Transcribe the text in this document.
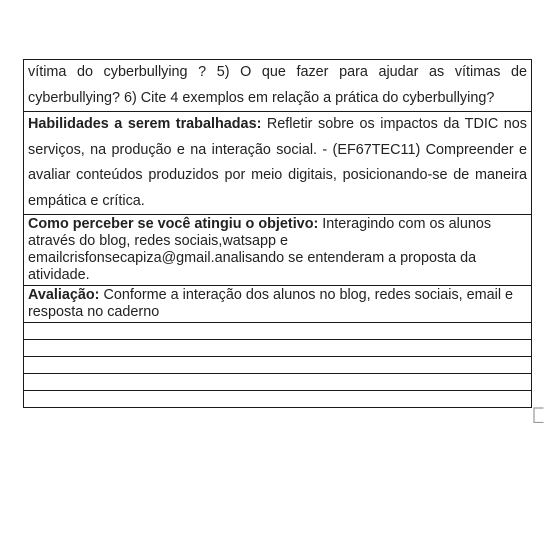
vítima do cyberbullying ? 5) O que fazer para ajudar as vítimas de cyberbullying? 6) Cite 4 exemplos em relação a prática do cyberbullying?
Habilidades a serem trabalhadas: Refletir sobre os impactos da TDIC nos serviços, na produção e na interação social. - (EF67TEC11) Compreender e avaliar conteúdos produzidos por meio digitais, posicionando-se de maneira empática e crítica.
Como perceber se você atingiu o objetivo: Interagindo com os alunos através do blog, redes sociais,watsapp e emailcrisfonsecapiza@gmail.analisando se entenderam a proposta da atividade.
Avaliação: Conforme a interação dos alunos no blog, redes sociais, email e resposta no caderno
